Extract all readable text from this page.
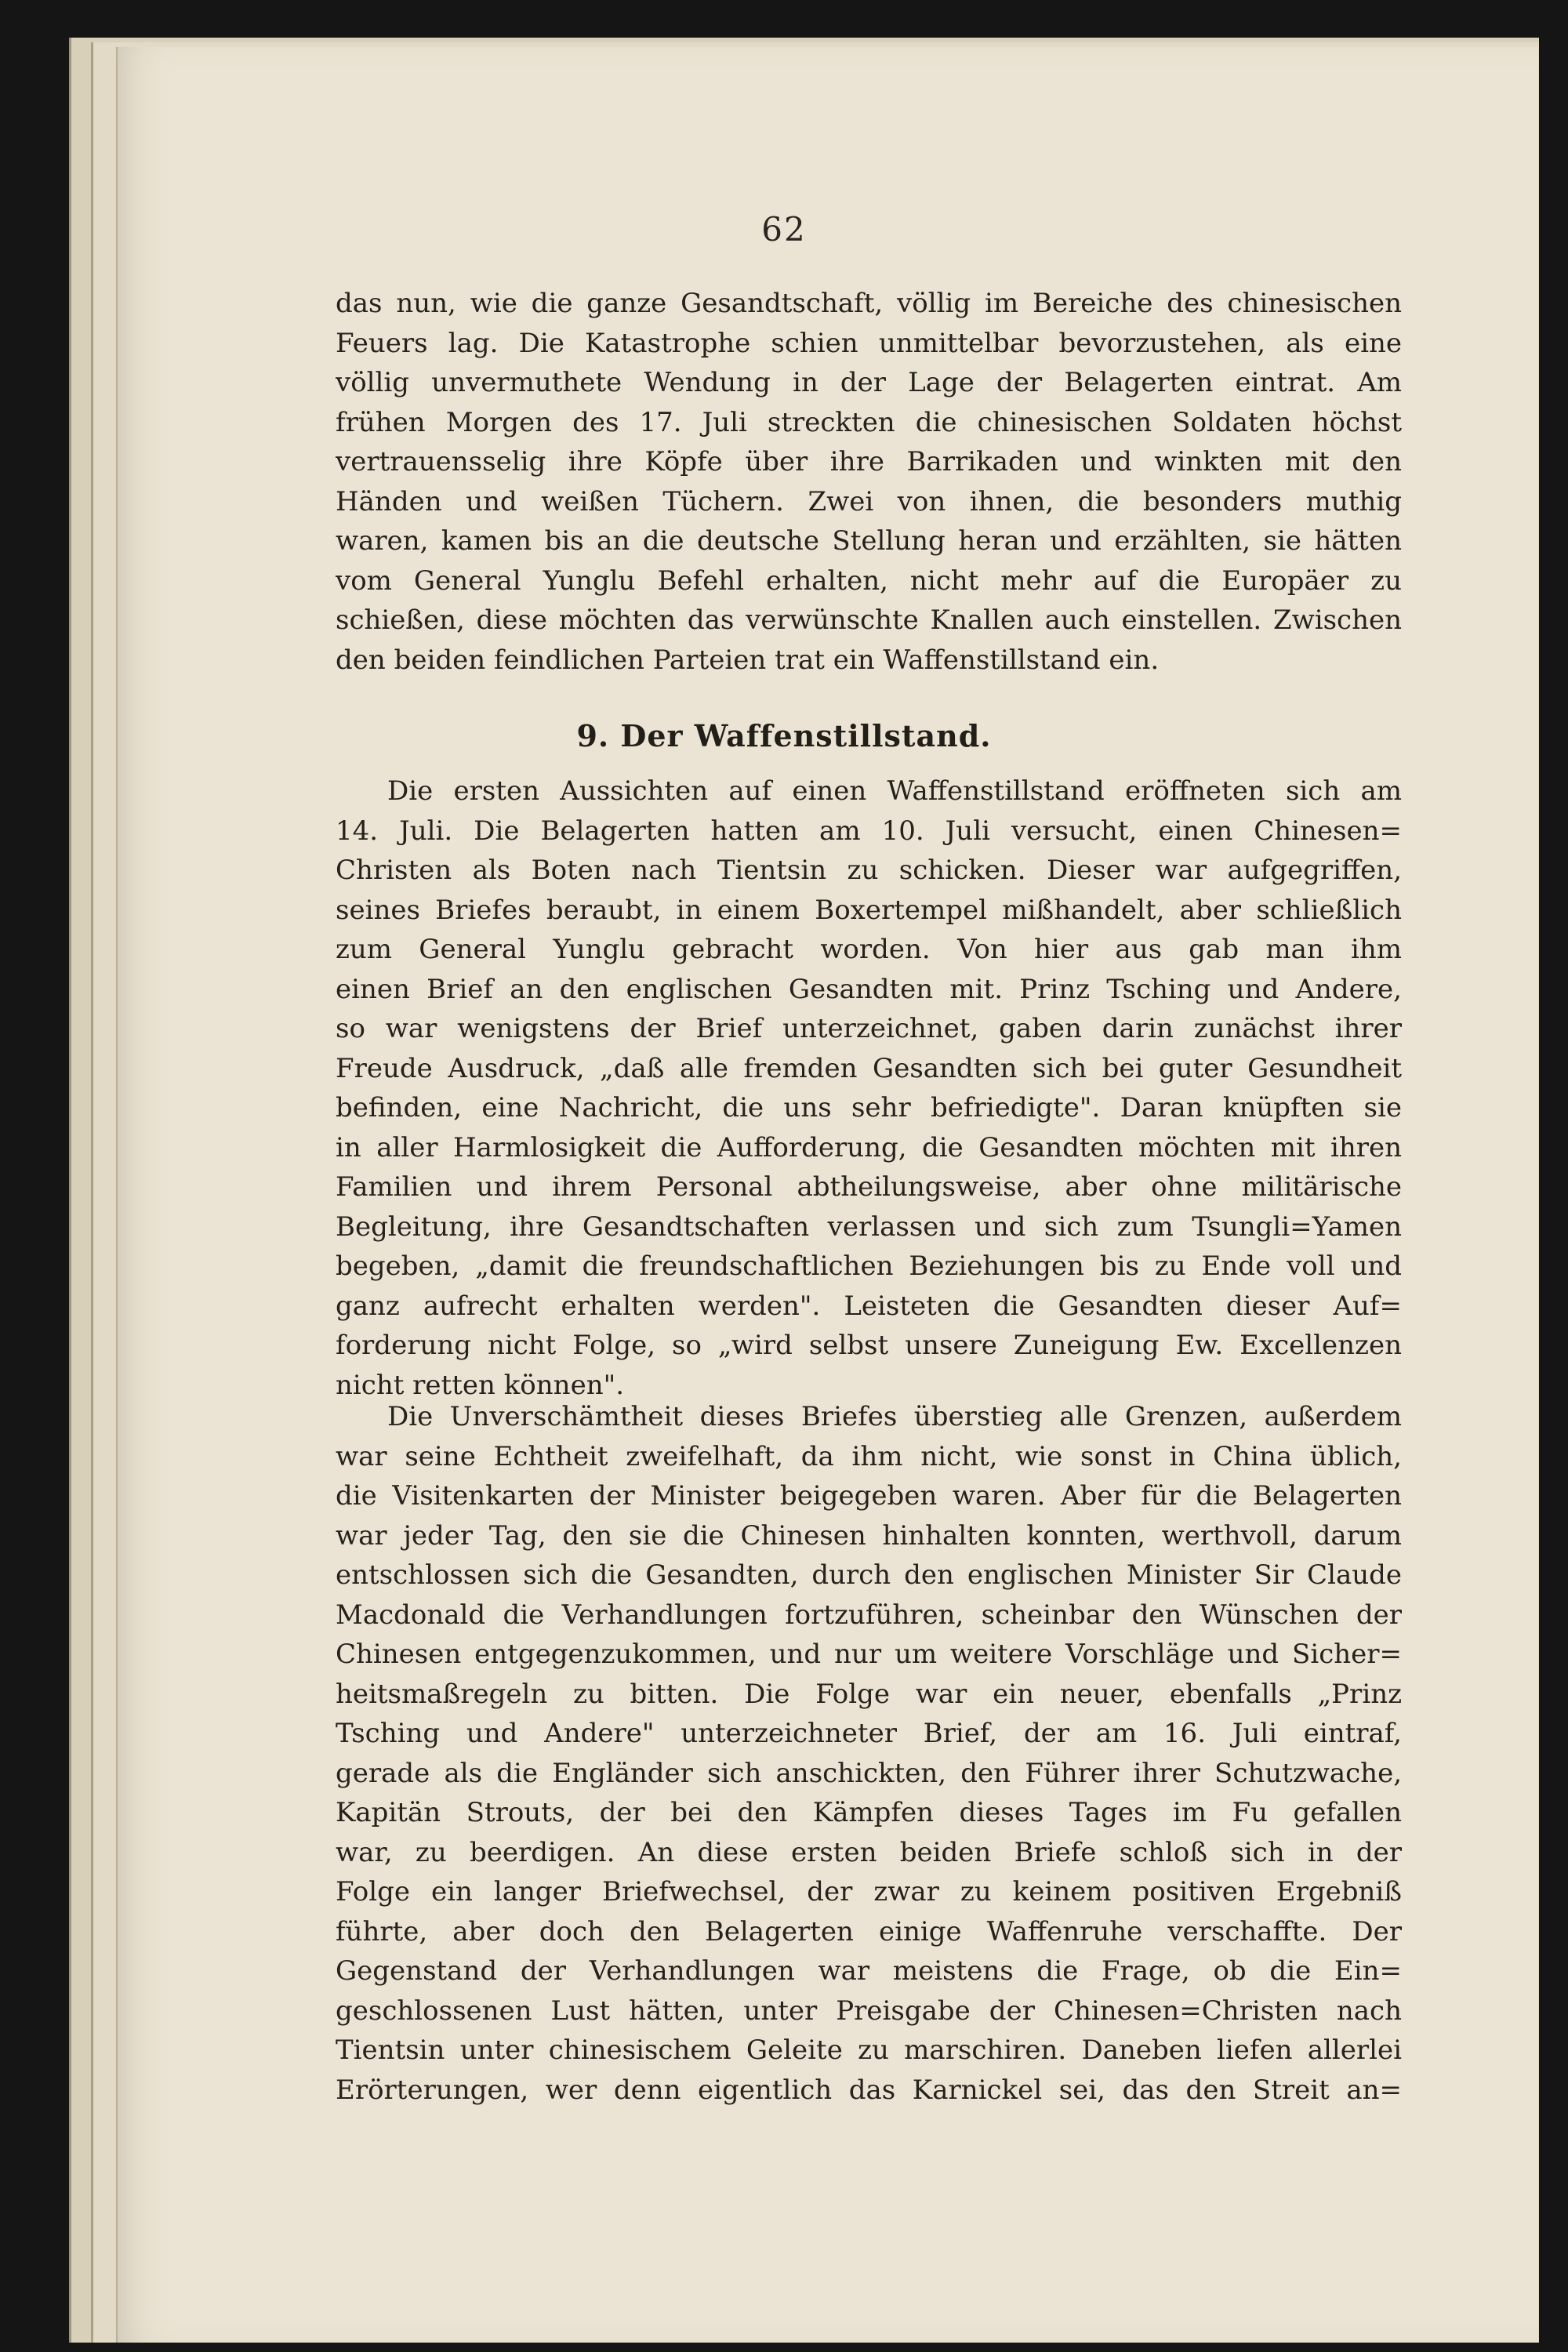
62
das nun, wie die ganze Gesandtschaft, völlig im Bereiche des chinesischen
Feuers lag. Die Katastrophe schien unmittelbar bevorzustehen, als eine
völlig unvermuthete Wendung in der Lage der Belagerten eintrat. Am
frühen Morgen des 17. Juli streckten die chinesischen Soldaten höchst
vertrauensselig ihre Köpfe über ihre Barrikaden und winkten mit den
Händen und weißen Tüchern. Zwei von ihnen, die besonders muthig
waren, kamen bis an die deutsche Stellung heran und erzählten, sie hätten
vom General Yunglu Befehl erhalten, nicht mehr auf die Europäer zu
schießen, diese möchten das verwünschte Knallen auch einstellen. Zwischen
den beiden feindlichen Parteien trat ein Waffenstillstand ein.
9. Der Waffenstillstand.
Die ersten Aussichten auf einen Waffenstillstand eröffneten sich am
14. Juli. Die Belagerten hatten am 10. Juli versucht, einen Chinesen=
Christen als Boten nach Tientsin zu schicken. Dieser war aufgegriffen,
seines Briefes beraubt, in einem Boxertempel mißhandelt, aber schließlich
zum General Yunglu gebracht worden. Von hier aus gab man ihm
einen Brief an den englischen Gesandten mit. Prinz Tsching und Andere,
so war wenigstens der Brief unterzeichnet, gaben darin zunächst ihrer
Freude Ausdruck, „daß alle fremden Gesandten sich bei guter Gesundheit
befinden, eine Nachricht, die uns sehr befriedigte". Daran knüpften sie
in aller Harmlosigkeit die Aufforderung, die Gesandten möchten mit ihren
Familien und ihrem Personal abtheilungsweise, aber ohne militärische
Begleitung, ihre Gesandtschaften verlassen und sich zum Tsungli=Yamen
begeben, „damit die freundschaftlichen Beziehungen bis zu Ende voll und
ganz aufrecht erhalten werden". Leisteten die Gesandten dieser Auf=
forderung nicht Folge, so „wird selbst unsere Zuneigung Ew. Excellenzen
nicht retten können".
Die Unverschämtheit dieses Briefes überstieg alle Grenzen, außerdem
war seine Echtheit zweifelhaft, da ihm nicht, wie sonst in China üblich,
die Visitenkarten der Minister beigegeben waren. Aber für die Belagerten
war jeder Tag, den sie die Chinesen hinhalten konnten, werthvoll, darum
entschlossen sich die Gesandten, durch den englischen Minister Sir Claude
Macdonald die Verhandlungen fortzuführen, scheinbar den Wünschen der
Chinesen entgegenzukommen, und nur um weitere Vorschläge und Sicher=
heitsmaßregeln zu bitten. Die Folge war ein neuer, ebenfalls „Prinz
Tsching und Andere" unterzeichneter Brief, der am 16. Juli eintraf,
gerade als die Engländer sich anschickten, den Führer ihrer Schutzwache,
Kapitän Strouts, der bei den Kämpfen dieses Tages im Fu gefallen
war, zu beerdigen. An diese ersten beiden Briefe schloß sich in der
Folge ein langer Briefwechsel, der zwar zu keinem positiven Ergebniß
führte, aber doch den Belagerten einige Waffenruhe verschaffte. Der
Gegenstand der Verhandlungen war meistens die Frage, ob die Ein=
geschlossenen Lust hätten, unter Preisgabe der Chinesen=Christen nach
Tientsin unter chinesischem Geleite zu marschiren. Daneben liefen allerlei
Erörterungen, wer denn eigentlich das Karnickel sei, das den Streit an=
